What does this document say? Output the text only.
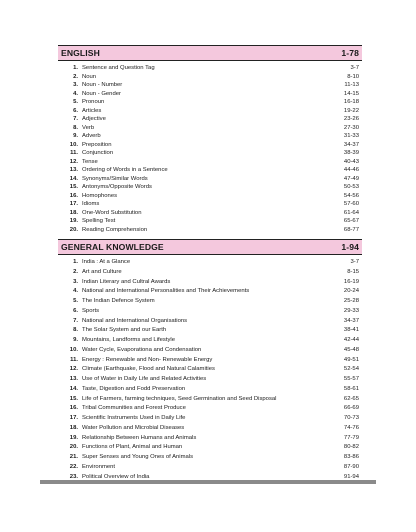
ENGLISH	1-78
1. Sentence and Question Tag	3-7
2. Noun	8-10
3. Noun - Number	11-13
4. Noun - Gender	14-15
5. Pronoun	16-18
6. Articles	19-22
7. Adjective	23-26
8. Verb	27-30
9. Adverb	31-33
10. Preposition	34-37
11. Conjunction	38-39
12. Tense	40-43
13. Ordering of Words in a Sentence	44-46
14. Synonyms/Similar Words	47-49
15. Antonyms/Opposite Words	50-53
16. Homophones	54-56
17. Idioms	57-60
18. One-Word Substitution	61-64
19. Spelling Test	65-67
20. Reading Comprehension	68-77
GENERAL KNOWLEDGE	1-94
1. India : At a Glance	3-7
2. Art and Culture	8-15
3. Indian Literary and Cultral Awards	16-19
4. National and International Personalities and Their Achievements	20-24
5. The Indian Defence System	25-28
6. Sports	29-33
7. National and International Organisations	34-37
8. The Solar System and our Earth	38-41
9. Mountains, Landforms and Lifestyle	42-44
10. Water Cycle, Evaporationa and Condensation	45-48
11. Energy : Renewable and Non- Renewable Energy	49-51
12. Climate (Earthquake, Flood and Natural Calamities	52-54
13. Use of Water in Daily Life and Related Activities	55-57
14. Taste, Digestion and Fodd Preservation	58-61
15. Life of Farmers, farming techniques, Seed Germination and Seed Disposal	62-65
16. Tribal Communities and Forest Produce	66-69
17. Scientific Instruments Used in Daily Life	70-73
18. Water Pollution and Microbial Diseases	74-76
19. Relationship Between Humans and Animals	77-79
20. Functions of Plant, Animal and Human	80-82
21. Super Senses and Young Ones of Animals	83-86
22. Environment	87-90
23. Political Overview of India	91-94
